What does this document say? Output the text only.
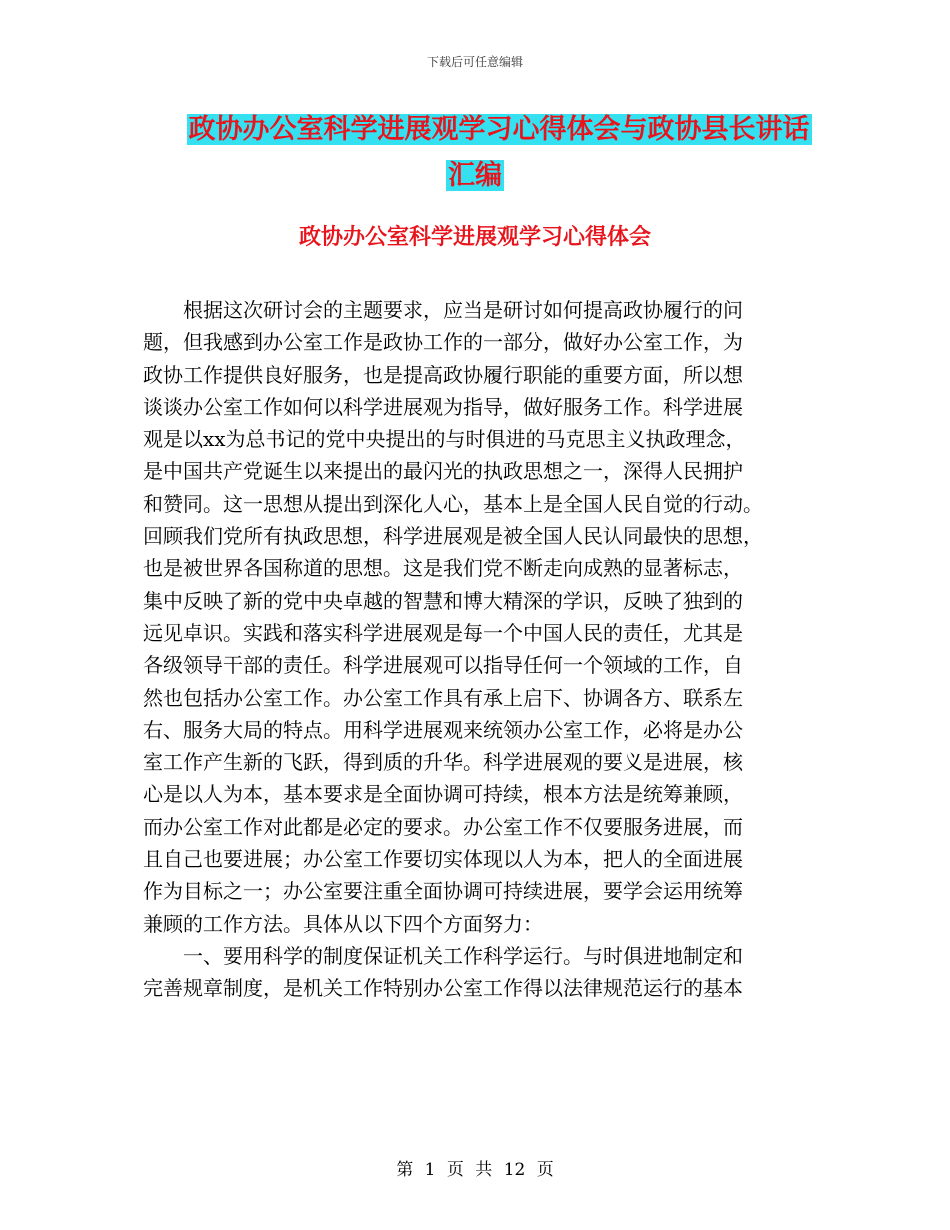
下载后可任意编辑
政协办公室科学进展观学习心得体会与政协县长讲话
汇编
政协办公室科学进展观学习心得体会
　　根据这次研讨会的主题要求，应当是研讨如何提高政协履行的问
题，但我感到办公室工作是政协工作的一部分，做好办公室工作，为
政协工作提供良好服务，也是提高政协履行职能的重要方面，所以想
谈谈办公室工作如何以科学进展观为指导，做好服务工作。科学进展
观是以xx为总书记的党中央提出的与时俱进的马克思主义执政理念，
是中国共产党诞生以来提出的最闪光的执政思想之一，深得人民拥护
和赞同。这一思想从提出到深化人心，基本上是全国人民自觉的行动。
回顾我们党所有执政思想，科学进展观是被全国人民认同最快的思想，
也是被世界各国称道的思想。这是我们党不断走向成熟的显著标志，
集中反映了新的党中央卓越的智慧和博大精深的学识，反映了独到的
远见卓识。实践和落实科学进展观是每一个中国人民的责任，尤其是
各级领导干部的责任。科学进展观可以指导任何一个领域的工作，自
然也包括办公室工作。办公室工作具有承上启下、协调各方、联系左
右、服务大局的特点。用科学进展观来统领办公室工作，必将是办公
室工作产生新的飞跃，得到质的升华。科学进展观的要义是进展，核
心是以人为本，基本要求是全面协调可持续，根本方法是统筹兼顾，
而办公室工作对此都是必定的要求。办公室工作不仅要服务进展，而
且自己也要进展；办公室工作要切实体现以人为本，把人的全面进展
作为目标之一；办公室要注重全面协调可持续进展，要学会运用统筹
兼顾的工作方法。具体从以下四个方面努力：
　　一、要用科学的制度保证机关工作科学运行。与时俱进地制定和
完善规章制度，是机关工作特别办公室工作得以法律规范运行的基本
第 1 页 共 12 页
